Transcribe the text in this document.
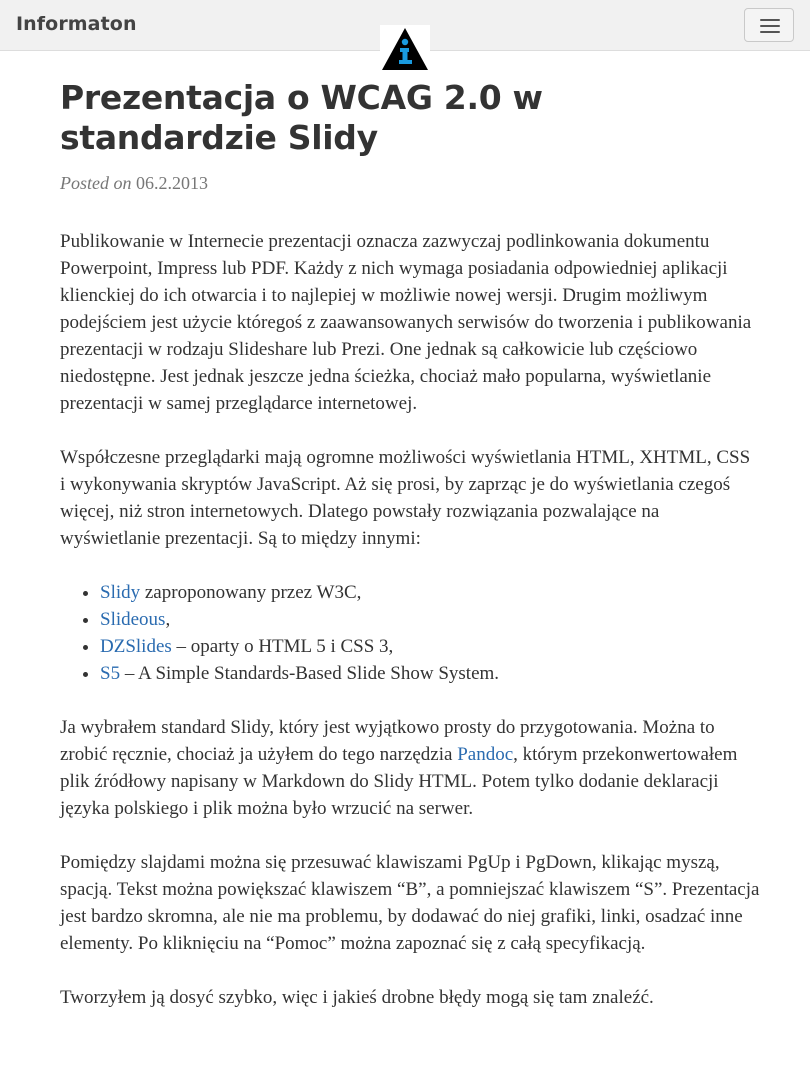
Informaton
Prezentacja o WCAG 2.0 w standardzie Slidy
Posted on 06.2.2013

Publikowanie w Internecie prezentacji oznacza zazwyczaj podlinkowania dokumentu Powerpoint, Impress lub PDF. Każdy z nich wymaga posiadania odpowiedniej aplikacji klienckiej do ich otwarcia i to najlepiej w możliwie nowej wersji. Drugim możliwym podejściem jest użycie któregoś z zaawansowanych serwisów do tworzenia i publikowania prezentacji w rodzaju Slideshare lub Prezi. One jednak są całkowicie lub częściowo niedostępne. Jest jednak jeszcze jedna ścieżka, chociaż mało popularna, wyświetlanie prezentacji w samej przeglądarce internetowej.

Współczesne przeglądarki mają ogromne możliwości wyświetlania HTML, XHTML, CSS i wykonywania skryptów JavaScript. Aż się prosi, by zaprząc je do wyświetlania czegoś więcej, niż stron internetowych. Dlatego powstały rozwiązania pozwalające na wyświetlanie prezentacji. Są to między innymi:

• Slidy zaproponowany przez W3C,
• Slideous,
• DZSlides – oparty o HTML 5 i CSS 3,
• S5 – A Simple Standards-Based Slide Show System.

Ja wybrałem standard Slidy, który jest wyjątkowo prosty do przygotowania. Można to zrobić ręcznie, chociaż ja użyłem do tego narzędzia Pandoc, którym przekonwertowałem plik źródłowy napisany w Markdown do Slidy HTML. Potem tylko dodanie deklaracji języka polskiego i plik można było wrzucić na serwer.

Pomiędzy slajdami można się przesuwać klawiszami PgUp i PgDown, klikając myszą, spacją. Tekst można powiększać klawiszem “B”, a pomniejszać klawiszem “S”. Prezentacja jest bardzo skromna, ale nie ma problemu, by dodawać do niej grafiki, linki, osadzać inne elementy. Po kliknięciu na “Pomoc” można zapoznać się z całą specyfikacją.

Tworzyłem ją dosyć szybko, więc i jakieś drobne błędy mogą się tam znaleźć.
